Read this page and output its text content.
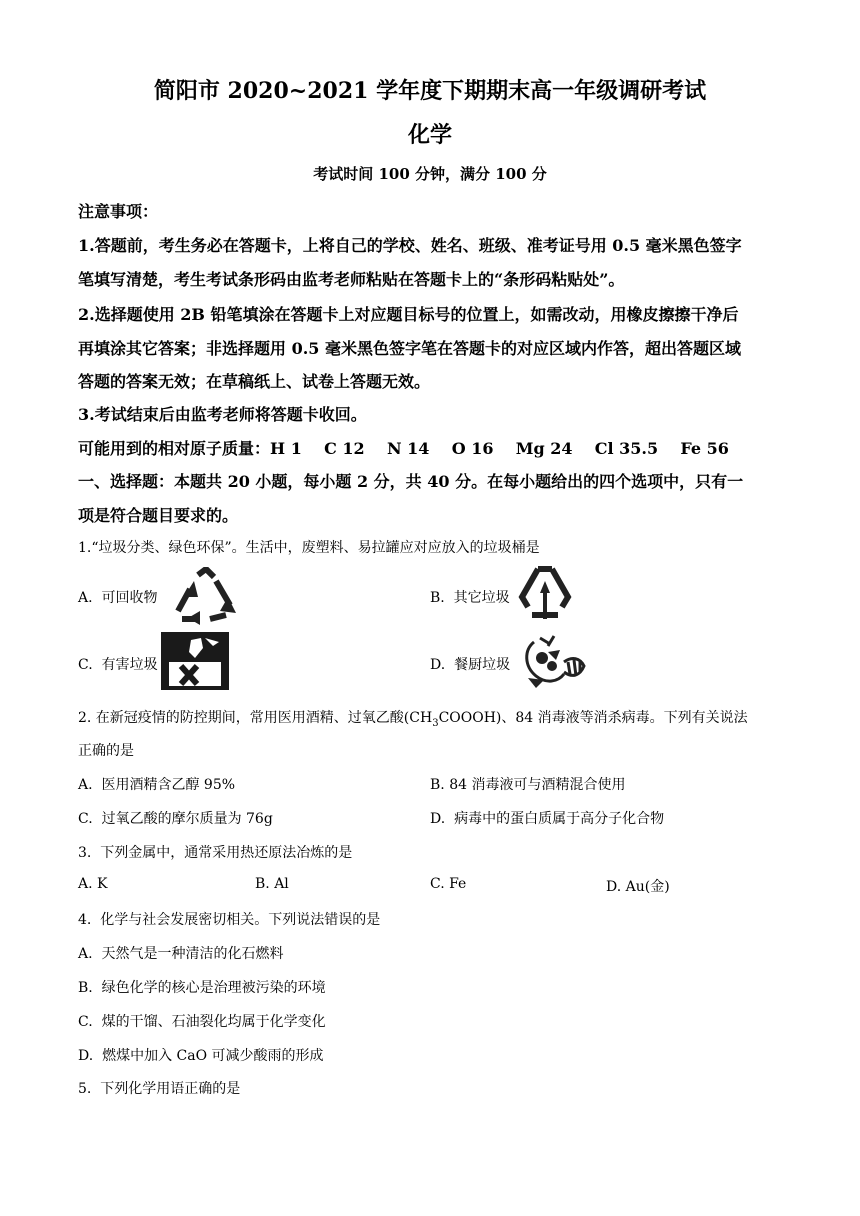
简阳市 2020~2021 学年度下期期末高一年级调研考试
化学
考试时间 100 分钟，满分 100 分
注意事项：
1.答题前，考生务必在答题卡，上将自己的学校、姓名、班级、准考证号用 0.5 毫米黑色签字
笔填写清楚，考生考试条形码由监考老师粘贴在答题卡上的“条形码粘贴处”。
2.选择题使用 2B 铅笔填涂在答题卡上对应题目标号的位置上，如需改动，用橡皮擦擦干净后
再填涂其它答案；非选择题用 0.5 毫米黑色签字笔在答题卡的对应区域内作答，超出答题区域
答题的答案无效；在草稿纸上、试卷上答题无效。
3.考试结束后由监考老师将答题卡收回。
可能用到的相对原子质量：H 1    C 12    N 14    O 16    Mg 24    Cl 35.5    Fe 56
一、选择题：本题共 20 小题，每小题 2 分，共 40 分。在每小题给出的四个选项中，只有一
项是符合题目要求的。
1.“垃圾分类、绿色环保”。生活中，废塑料、易拉罐应对应放入的垃圾桶是
A.  可回收物	B.  其它垃圾
C.  有害垃圾	D.  餐厨垃圾
2. 在新冠疫情的防控期间，常用医用酒精、过氧乙酸$(CH_3COOOH)$、84 消毒液等消杀病毒。下列有关说法
正确的是
A.  医用酒精含乙醇 95%	B. 84 消毒液可与酒精混合使用
C.  过氧乙酸的摩尔质量为 76g	D.  病毒中的蛋白质属于高分子化合物
3.  下列金属中，通常采用热还原法冶炼的是
A. K	B. Al	C. Fe	D. Au(金)
4.  化学与社会发展密切相关。下列说法错误的是
A.  天然气是一种清洁的化石燃料
B.  绿色化学的核心是治理被污染的环境
C.  煤的干馏、石油裂化均属于化学变化
D.  燃煤中加入 CaO 可减少酸雨的形成
5.  下列化学用语正确的是
